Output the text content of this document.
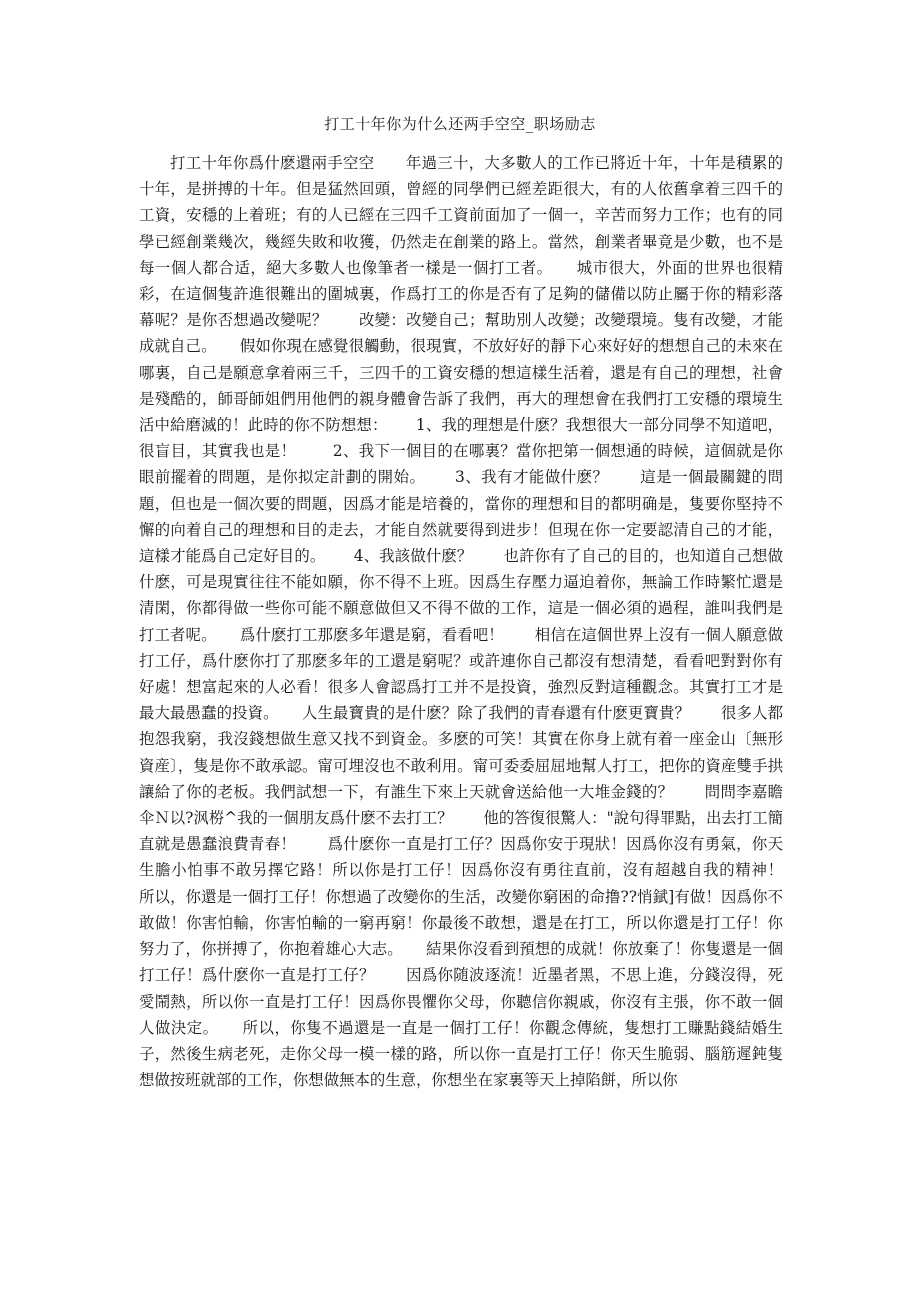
打工十年你为什么还两手空空_职场励志

打工十年你爲什麽還兩手空空　　年過三十，大多數人的工作已將近十年，十年是積累的十年，是拼搏的十年。但是猛然回頭，曾經的同學們已經差距很大，有的人依舊拿着三四千的工資，安穩的上着班；有的人已經在三四千工資前面加了一個一，辛苦而努力工作；也有的同學已經創業幾次，幾經失敗和收獲，仍然走在創業的路上。當然，創業者畢竟是少數，也不是每一個人都合适，絕大多數人也像筆者一樣是一個打工者。　　城市很大，外面的世界也很精彩，在這個隻許進很難出的圍城裏，作爲打工的你是否有了足夠的儲備以防止屬于你的精彩落幕呢？是你否想過改變呢？　　改變：改變自己；幫助別人改變；改變環境。隻有改變，才能成就自己。　　假如你現在感覺很觸動，很現實，不放好好的靜下心來好好的想想自己的未來在哪裏，自己是願意拿着兩三千，三四千的工資安穩的想這樣生活着，還是有自己的理想，社會是殘酷的，師哥師姐們用他們的親身體會告訴了我們，再大的理想會在我們打工安穩的環境生活中給磨滅的！此時的你不防想想：　　 1、我的理想是什麽？我想很大一部分同學不知道吧，很盲目，其實我也是！　　 2、我下一個目的在哪裏？當你把第一個想通的時候，這個就是你眼前擺着的問題，是你拟定計劃的開始。　　 3、我有才能做什麽？　　這是一個最關鍵的問題，但也是一個次要的問題，因爲才能是培養的，當你的理想和目的都明确是，隻要你堅持不懈的向着自己的理想和目的走去，才能自然就要得到进步！但現在你一定要認清自己的才能，這樣才能爲自己定好目的。　　 4、我該做什麽？　　也許你有了自己的目的，也知道自己想做什麽，可是現實往往不能如願，你不得不上班。因爲生存壓力逼迫着你，無論工作時繁忙還是清閑，你都得做一些你可能不願意做但又不得不做的工作，這是一個必須的過程，誰叫我們是打工者呢。　　爲什麽打工那麽多年還是窮，看看吧！　　相信在這個世界上沒有一個人願意做打工仔，爲什麽你打了那麽多年的工還是窮呢？或許連你自己都沒有想清楚，看看吧對對你有好處！想富起來的人必看！很多人會認爲打工并不是投資，強烈反對這種觀念。其實打工才是最大最愚蠢的投資。　　人生最寶貴的是什麽？除了我們的青春還有什麽更寶貴？　　很多人都抱怨我窮，我沒錢想做生意又找不到資金。多麽的可笑！其實在你身上就有着一座金山〔無形資産〕，隻是你不敢承認。甯可埋沒也不敢利用。甯可委委屈屈地幫人打工，把你的資産雙手拱讓給了你的老板。我們試想一下，有誰生下來上天就會送給他一大堆金錢的？　　問問李嘉瞻伞Ｎ以?沨梤^我的一個朋友爲什麽不去打工？　　他的答復很驚人："說句得罪點，出去打工簡直就是愚蠢浪費青春！　　爲什麽你一直是打工仔？因爲你安于現狀！因爲你沒有勇氣，你天生膽小怕事不敢另擇它路！所以你是打工仔！因爲你沒有勇往直前，沒有超越自我的精神！　　所以，你還是一個打工仔！你想過了改變你的生活，改變你窮困的命撸??悄錻]有做！因爲你不敢做！你害怕輸，你害怕輸的一窮再窮！你最後不敢想，還是在打工，所以你還是打工仔！你努力了，你拼搏了，你抱着雄心大志。　　結果你沒看到預想的成就！你放棄了！你隻還是一個打工仔！爲什麽你一直是打工仔？　　因爲你随波逐流！近墨者黑，不思上進，分錢沒得，死愛鬧熱，所以你一直是打工仔！因爲你畏懼你父母，你聽信你親戚，你沒有主張，你不敢一個人做決定。　　所以，你隻不過還是一直是一個打工仔！你觀念傳統，隻想打工賺點錢結婚生子，然後生病老死，走你父母一模一樣的路，所以你一直是打工仔！你天生脆弱、腦筋遲鈍隻想做按班就部的工作，你想做無本的生意，你想坐在家裏等天上掉陷餅，所以你
